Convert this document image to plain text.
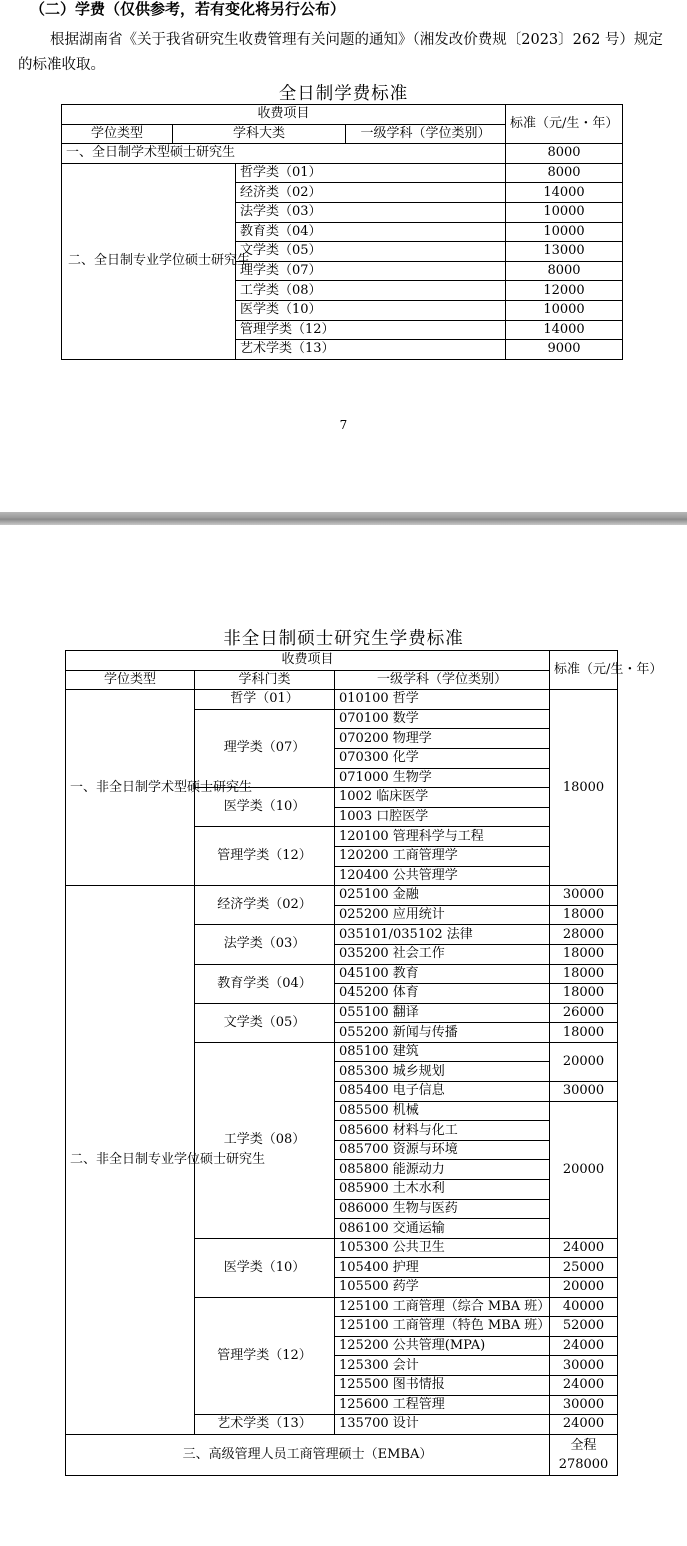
（二）学费（仅供参考，若有变化将另行公布）

根据湖南省《关于我省研究生收费管理有关问题的通知》（湘发改价费规〔2023〕262 号）规定的标准收取。

全日制学费标准

收费项目				标准（元/生・年）
学位类型	学科大类		一级学科（学位类别）	
一、全日制学术型硕士研究生				8000
二、全日制专业学位硕士研究生		哲学类（01）		8000
		经济类（02）		14000
		法学类（03）		10000
		教育类（04）		10000
		文学类（05）		13000
		理学类（07）		8000
		工学类（08）		12000
		医学类（10）		10000
		管理学类（12）		14000
		艺术学类（13）		9000

7

非全日制硕士研究生学费标准

收费项目			标准（元/生・年）
学位类型	学科门类	一级学科（学位类别）	
一、非全日制学术型硕士研究生	哲学（01）	010100 哲学	18000
	理学类（07）	070100 数学	
		070200 物理学	
		070300 化学	
		071000 生物学	
	医学类（10）	1002 临床医学	
		1003 口腔医学	
	管理学类（12）	120100 管理科学与工程	
		120200 工商管理学	
		120400 公共管理学	
二、非全日制专业学位硕士研究生	经济学类（02）	025100 金融	30000
		025200 应用统计	18000
	法学类（03）	035101/035102 法律	28000
		035200 社会工作	18000
	教育学类（04）	045100 教育	18000
		045200 体育	18000
	文学类（05）	055100 翻译	26000
		055200 新闻与传播	18000
	工学类（08）	085100 建筑	20000
		085300 城乡规划	
		085400 电子信息	30000
		085500 机械	20000
		085600 材料与化工	
		085700 资源与环境	
		085800 能源动力	
		085900 土木水利	
		086000 生物与医药	
		086100 交通运输	
	医学类（10）	105300 公共卫生	24000
		105400 护理	25000
		105500 药学	20000
	管理学类（12）	125100 工商管理（综合 MBA 班）	40000
		125100 工商管理（特色 MBA 班）	52000
		125200 公共管理(MPA)	24000
		125300 会计	30000
		125500 图书情报	24000
		125600 工程管理	30000
	艺术学类（13）	135700 设计	24000
三、高级管理人员工商管理硕士（EMBA）			全程
278000
